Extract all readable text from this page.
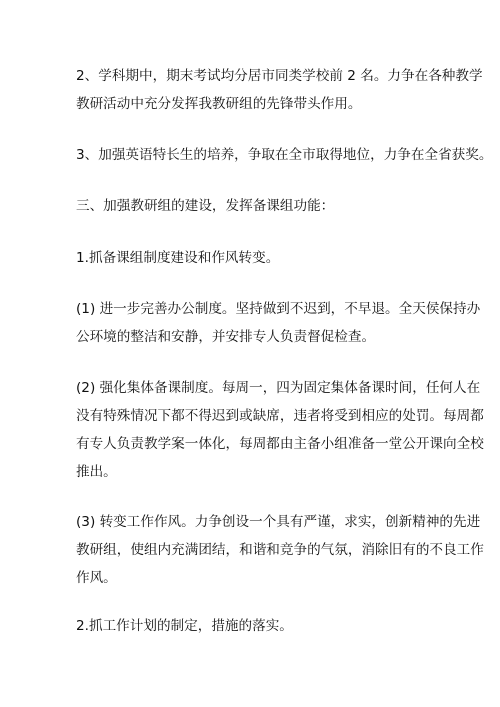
2、学科期中，期末考试均分居市同类学校前 2 名。力争在各种教学
教研活动中充分发挥我教研组的先锋带头作用。

3、加强英语特长生的培养，争取在全市取得地位，力争在全省获奖。

三、加强教研组的建设，发挥备课组功能：

1.抓备课组制度建设和作风转变。

(1) 进一步完善办公制度。坚持做到不迟到，不早退。全天侯保持办
公环境的整洁和安静，并安排专人负责督促检查。

(2) 强化集体备课制度。每周一，四为固定集体备课时间，任何人在
没有特殊情况下都不得迟到或缺席，违者将受到相应的处罚。每周都
有专人负责教学案一体化，每周都由主备小组准备一堂公开课向全校
推出。

(3) 转变工作作风。力争创设一个具有严谨，求实，创新精神的先进
教研组，使组内充满团结，和谐和竞争的气氛，消除旧有的不良工作
作风。

2.抓工作计划的制定，措施的落实。
